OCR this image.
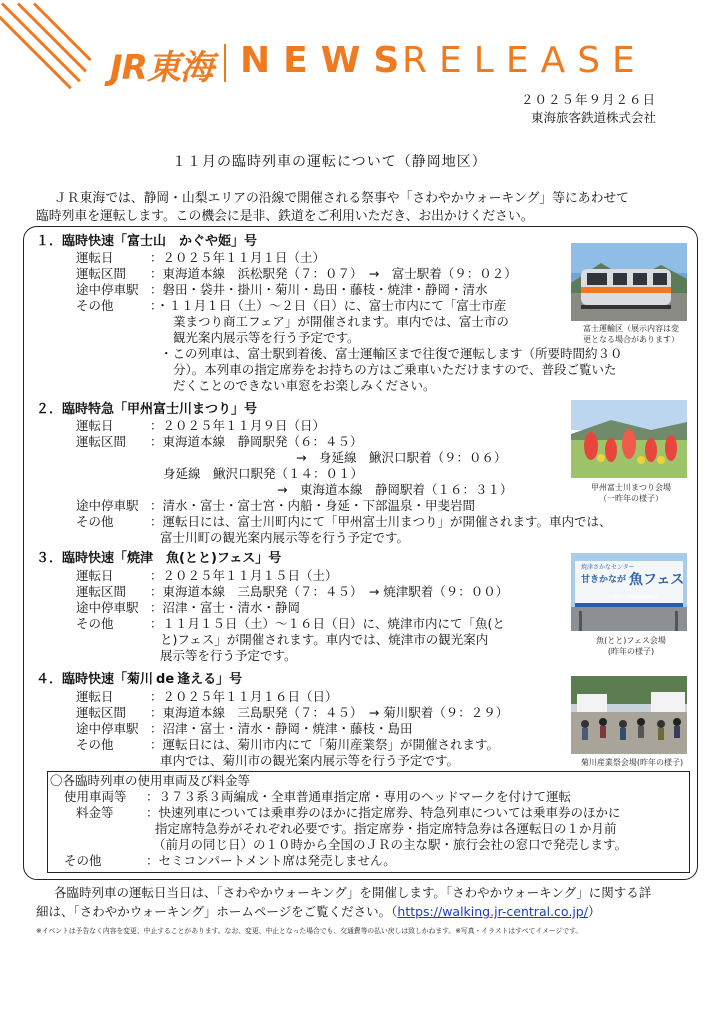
JR東海 NEWS
RELEASE
２０２５年９月２６日
東海旅客鉄道株式会社
１１月の臨時列車の運転について（静岡地区）
ＪＲ東海では、静岡・山梨エリアの沿線で開催される祭事や「さわやかウォーキング」等にあわせて
臨時列車を運転します。この機会に是非、鉄道をご利用いただき、お出かけください。
１．臨時快速「富士山　かぐや姫」号
運転日	：２０２５年１１月１日（土）
運転区間 ：東海道本線　浜松駅発（７：０７）　→　富士駅着（９：０２）
途中停車駅 ：磐田・袋井・掛川・菊川・島田・藤枝・焼津・静岡・清水
その他	：・１１月１日（土）～２日（日）に、富士市内にて「富士市産
業まつり商工フェア」が開催されます。車内では、富士市の
観光案内展示等を行う予定です。
・この列車は、富士駅到着後、富士運輸区まで往復で運転します（所要時間約３０
分）。本列車の指定席券をお持ちの方はご乗車いただけますので、普段ご覧いた
だくことのできない車窓をお楽しみください。
富士運輸区（展示内容は変
更となる場合があります）
２．臨時特急「甲州富士川まつり」号
運転日	：２０２５年１１月９日（日）
運転区間 ：東海道本線　静岡駅発（６：４５）
→　身延線　鰍沢口駅着（９：０６）
身延線　鰍沢口駅発（１４：０１）
→　東海道本線　静岡駅着（１６：３１）
途中停車駅 ：清水・富士・富士宮・内船・身延・下部温泉・甲斐岩間
その他	：運転日には、富士川町内にて「甲州富士川まつり」が開催されます。車内では、
富士川町の観光案内展示等を行う予定です。
甲州富士川まつり会場
（一昨年の様子）
３．臨時快速「焼津　魚(とと)フェス」号
運転日	：２０２５年１１月１５日（土）
運転区間 ：東海道本線　三島駅発（７：４５）　→ 焼津駅着（９：００）
途中停車駅 ：沼津・富士・清水・静岡
その他	：１１月１５日（土）～１６日（日）に、焼津市内にて「魚(と
と)フェス」が開催されます。車内では、焼津市の観光案内
展示等を行う予定です。
焼津さかなセンター
甘きかなが 魚フェス
入場口 / ENTRANCE
魚(とと)フェス会場
(昨年の様子)
４．臨時快速「菊川 de 逢える」号
運転日	：２０２５年１１月１６日（日）
運転区間 ：東海道本線　三島駅発（７：４５）　→ 菊川駅着（９：２９）
途中停車駅 ：沼津・富士・清水・静岡・焼津・藤枝・島田
その他	：運転日には、菊川市内にて「菊川産業祭」が開催されます。
車内では、菊川市の観光案内展示等を行う予定です。	菊川産業祭会場(昨年の様子)
〇各臨時列車の使用車両及び料金等
使用車両等 ：３７３系３両編成・全車普通車指定席・専用のヘッドマークを付けて運転
料金等	：快速列車については乗車券のほかに指定席券、特急列車については乗車券のほかに
指定席特急券がそれぞれ必要です。指定席券・指定席特急券は各運転日の１か月前
（前月の同じ日）の１０時から全国のＪＲの主な駅・旅行会社の窓口で発売します。
その他	：セミコンパートメント席は発売しません。
各臨時列車の運転日当日は、「さわやかウォーキング」を開催します。「さわやかウォーキング」に関する詳
細は、「さわやかウォーキング」ホームページをご覧ください。（https://walking.jr-central.co.jp/）
※イベントは予告なく内容を変更、中止することがあります。なお、変更、中止となった場合でも、交通費等の払い戻しは致しかねます。※写真・イラストはすべてイメージです。
